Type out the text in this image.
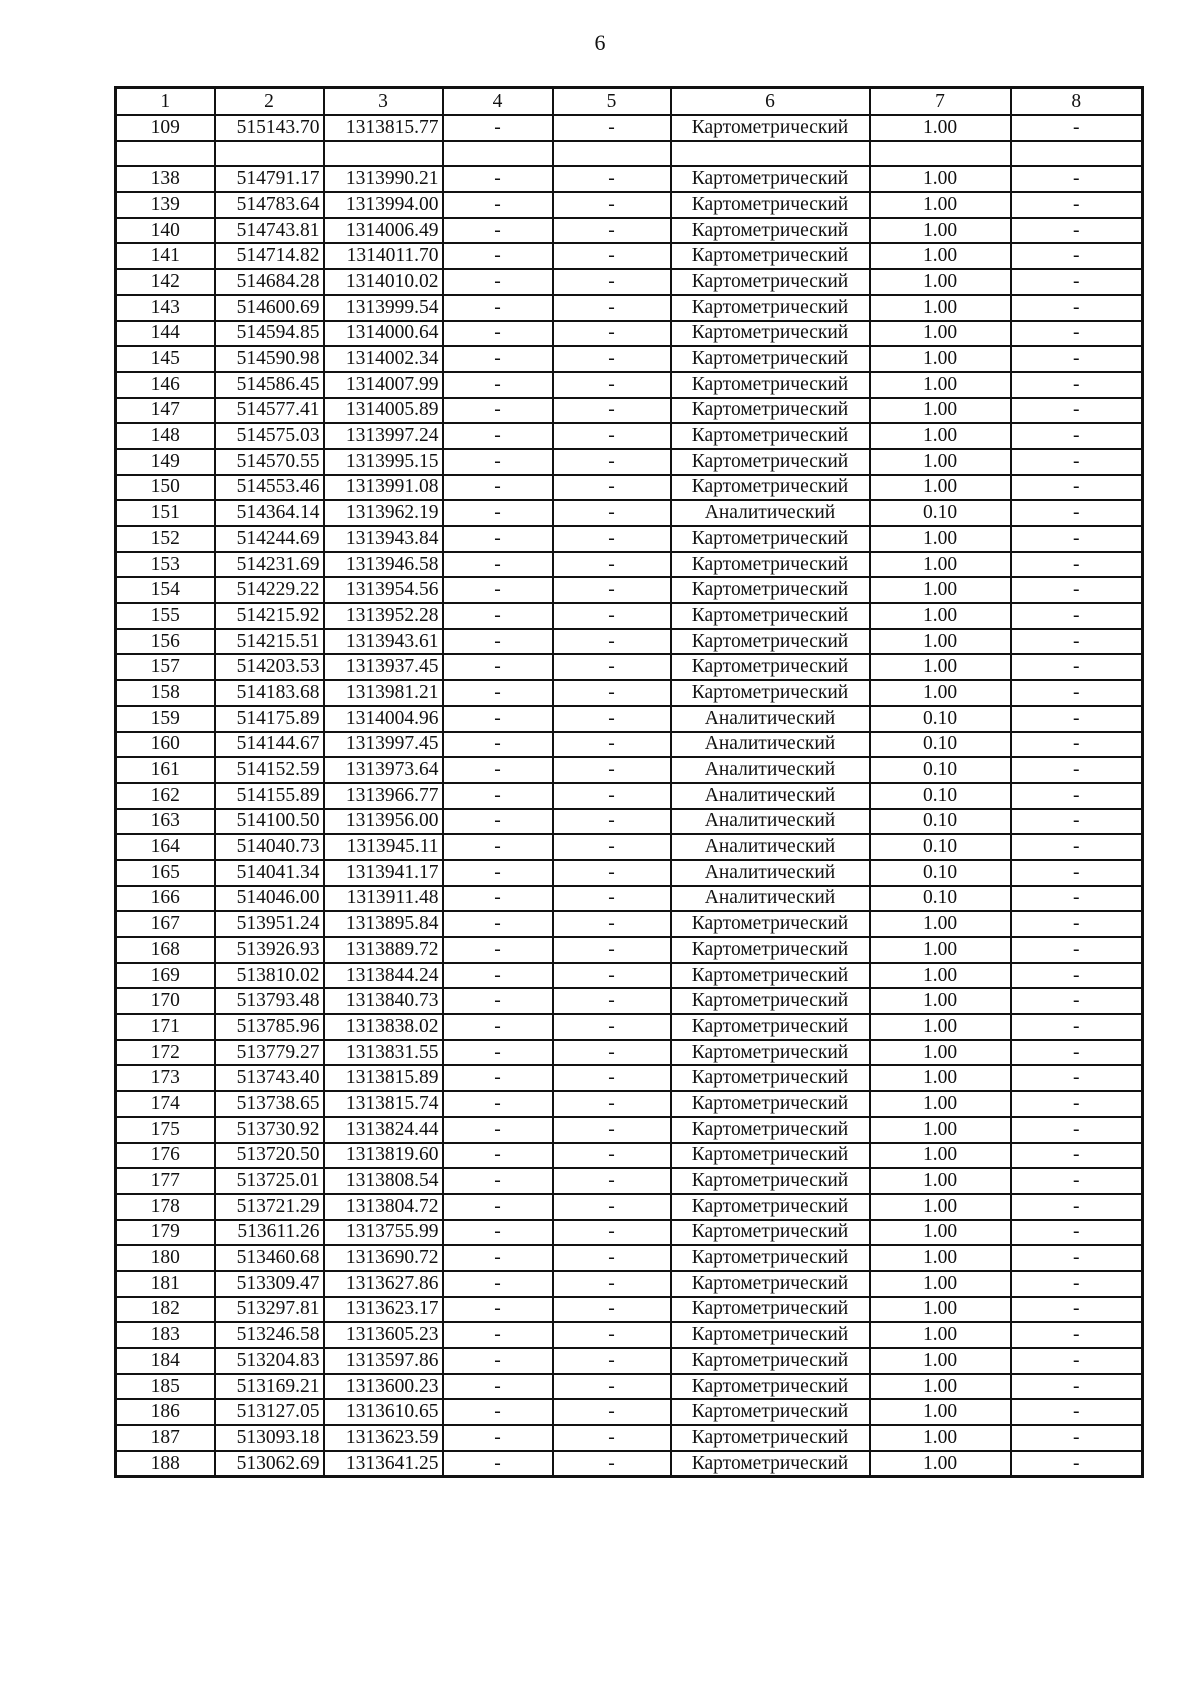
6
1	2	3	4	5	6	7	8
109	515143.70	1313815.77	-	-	Картометрический	1.00	-

138	514791.17	1313990.21	-	-	Картометрический	1.00	-
139	514783.64	1313994.00	-	-	Картометрический	1.00	-
140	514743.81	1314006.49	-	-	Картометрический	1.00	-
141	514714.82	1314011.70	-	-	Картометрический	1.00	-
142	514684.28	1314010.02	-	-	Картометрический	1.00	-
143	514600.69	1313999.54	-	-	Картометрический	1.00	-
144	514594.85	1314000.64	-	-	Картометрический	1.00	-
145	514590.98	1314002.34	-	-	Картометрический	1.00	-
146	514586.45	1314007.99	-	-	Картометрический	1.00	-
147	514577.41	1314005.89	-	-	Картометрический	1.00	-
148	514575.03	1313997.24	-	-	Картометрический	1.00	-
149	514570.55	1313995.15	-	-	Картометрический	1.00	-
150	514553.46	1313991.08	-	-	Картометрический	1.00	-
151	514364.14	1313962.19	-	-	Аналитический	0.10	-
152	514244.69	1313943.84	-	-	Картометрический	1.00	-
153	514231.69	1313946.58	-	-	Картометрический	1.00	-
154	514229.22	1313954.56	-	-	Картометрический	1.00	-
155	514215.92	1313952.28	-	-	Картометрический	1.00	-
156	514215.51	1313943.61	-	-	Картометрический	1.00	-
157	514203.53	1313937.45	-	-	Картометрический	1.00	-
158	514183.68	1313981.21	-	-	Картометрический	1.00	-
159	514175.89	1314004.96	-	-	Аналитический	0.10	-
160	514144.67	1313997.45	-	-	Аналитический	0.10	-
161	514152.59	1313973.64	-	-	Аналитический	0.10	-
162	514155.89	1313966.77	-	-	Аналитический	0.10	-
163	514100.50	1313956.00	-	-	Аналитический	0.10	-
164	514040.73	1313945.11	-	-	Аналитический	0.10	-
165	514041.34	1313941.17	-	-	Аналитический	0.10	-
166	514046.00	1313911.48	-	-	Аналитический	0.10	-
167	513951.24	1313895.84	-	-	Картометрический	1.00	-
168	513926.93	1313889.72	-	-	Картометрический	1.00	-
169	513810.02	1313844.24	-	-	Картометрический	1.00	-
170	513793.48	1313840.73	-	-	Картометрический	1.00	-
171	513785.96	1313838.02	-	-	Картометрический	1.00	-
172	513779.27	1313831.55	-	-	Картометрический	1.00	-
173	513743.40	1313815.89	-	-	Картометрический	1.00	-
174	513738.65	1313815.74	-	-	Картометрический	1.00	-
175	513730.92	1313824.44	-	-	Картометрический	1.00	-
176	513720.50	1313819.60	-	-	Картометрический	1.00	-
177	513725.01	1313808.54	-	-	Картометрический	1.00	-
178	513721.29	1313804.72	-	-	Картометрический	1.00	-
179	513611.26	1313755.99	-	-	Картометрический	1.00	-
180	513460.68	1313690.72	-	-	Картометрический	1.00	-
181	513309.47	1313627.86	-	-	Картометрический	1.00	-
182	513297.81	1313623.17	-	-	Картометрический	1.00	-
183	513246.58	1313605.23	-	-	Картометрический	1.00	-
184	513204.83	1313597.86	-	-	Картометрический	1.00	-
185	513169.21	1313600.23	-	-	Картометрический	1.00	-
186	513127.05	1313610.65	-	-	Картометрический	1.00	-
187	513093.18	1313623.59	-	-	Картометрический	1.00	-
188	513062.69	1313641.25	-	-	Картометрический	1.00	-
